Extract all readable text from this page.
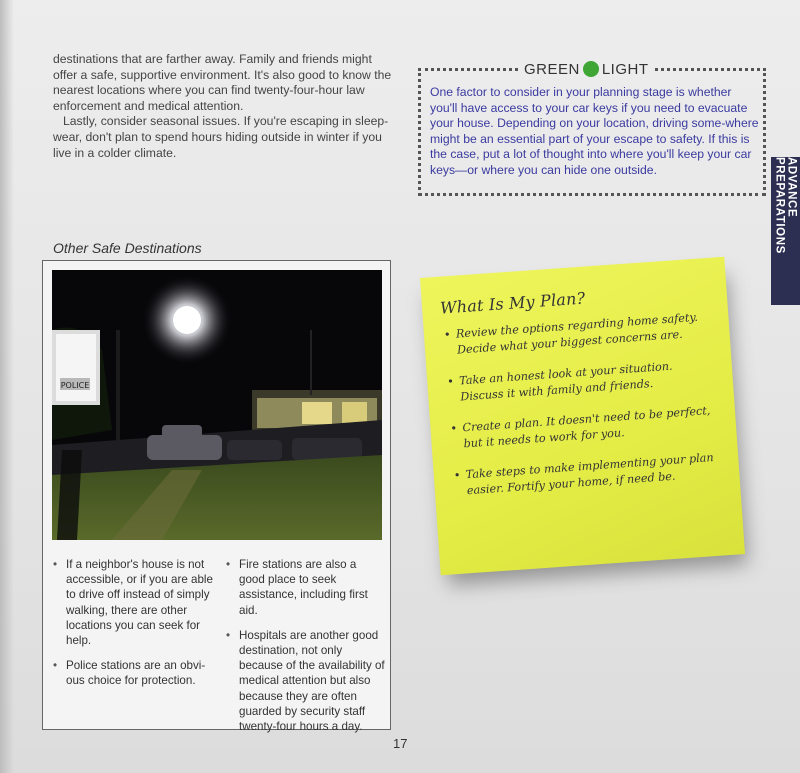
destinations that are farther away. Family and friends might offer a safe, supportive environment. It's also good to know the nearest locations where you can find twenty-four-hour law enforcement and medical attention.

Lastly, consider seasonal issues. If you're escaping in sleep-wear, don't plan to spend hours hiding outside in winter if you live in a colder climate.

GREEN LIGHT
One factor to consider in your planning stage is whether you'll have access to your car keys if you need to evacuate your house. Depending on your location, driving some-where might be an essential part of your escape to safety. If this is the case, put a lot of thought into where you'll keep your car keys—or where you can hide one outside.	ADVANCE PREPARATIONS
Other Safe Destinations
POLICE
• If a neighbor's house is not accessible, or if you are able to drive off instead of simply walking, there are other locations you can seek for help.
• Police stations are an obvi-ous choice for protection.
• Fire stations are also a good place to seek assistance, including first aid.
• Hospitals are another good destination, not only because of the availability of medical attention but also because they are often guarded by security staff twenty-four hours a day.
What Is My Plan?
• Review the options regarding home safety. Decide what your biggest concerns are.
• Take an honest look at your situation. Discuss it with family and friends.
• Create a plan. It doesn't need to be perfect, but it needs to work for you.
• Take steps to make implementing your plan easier. Fortify your home, if need be.
17
